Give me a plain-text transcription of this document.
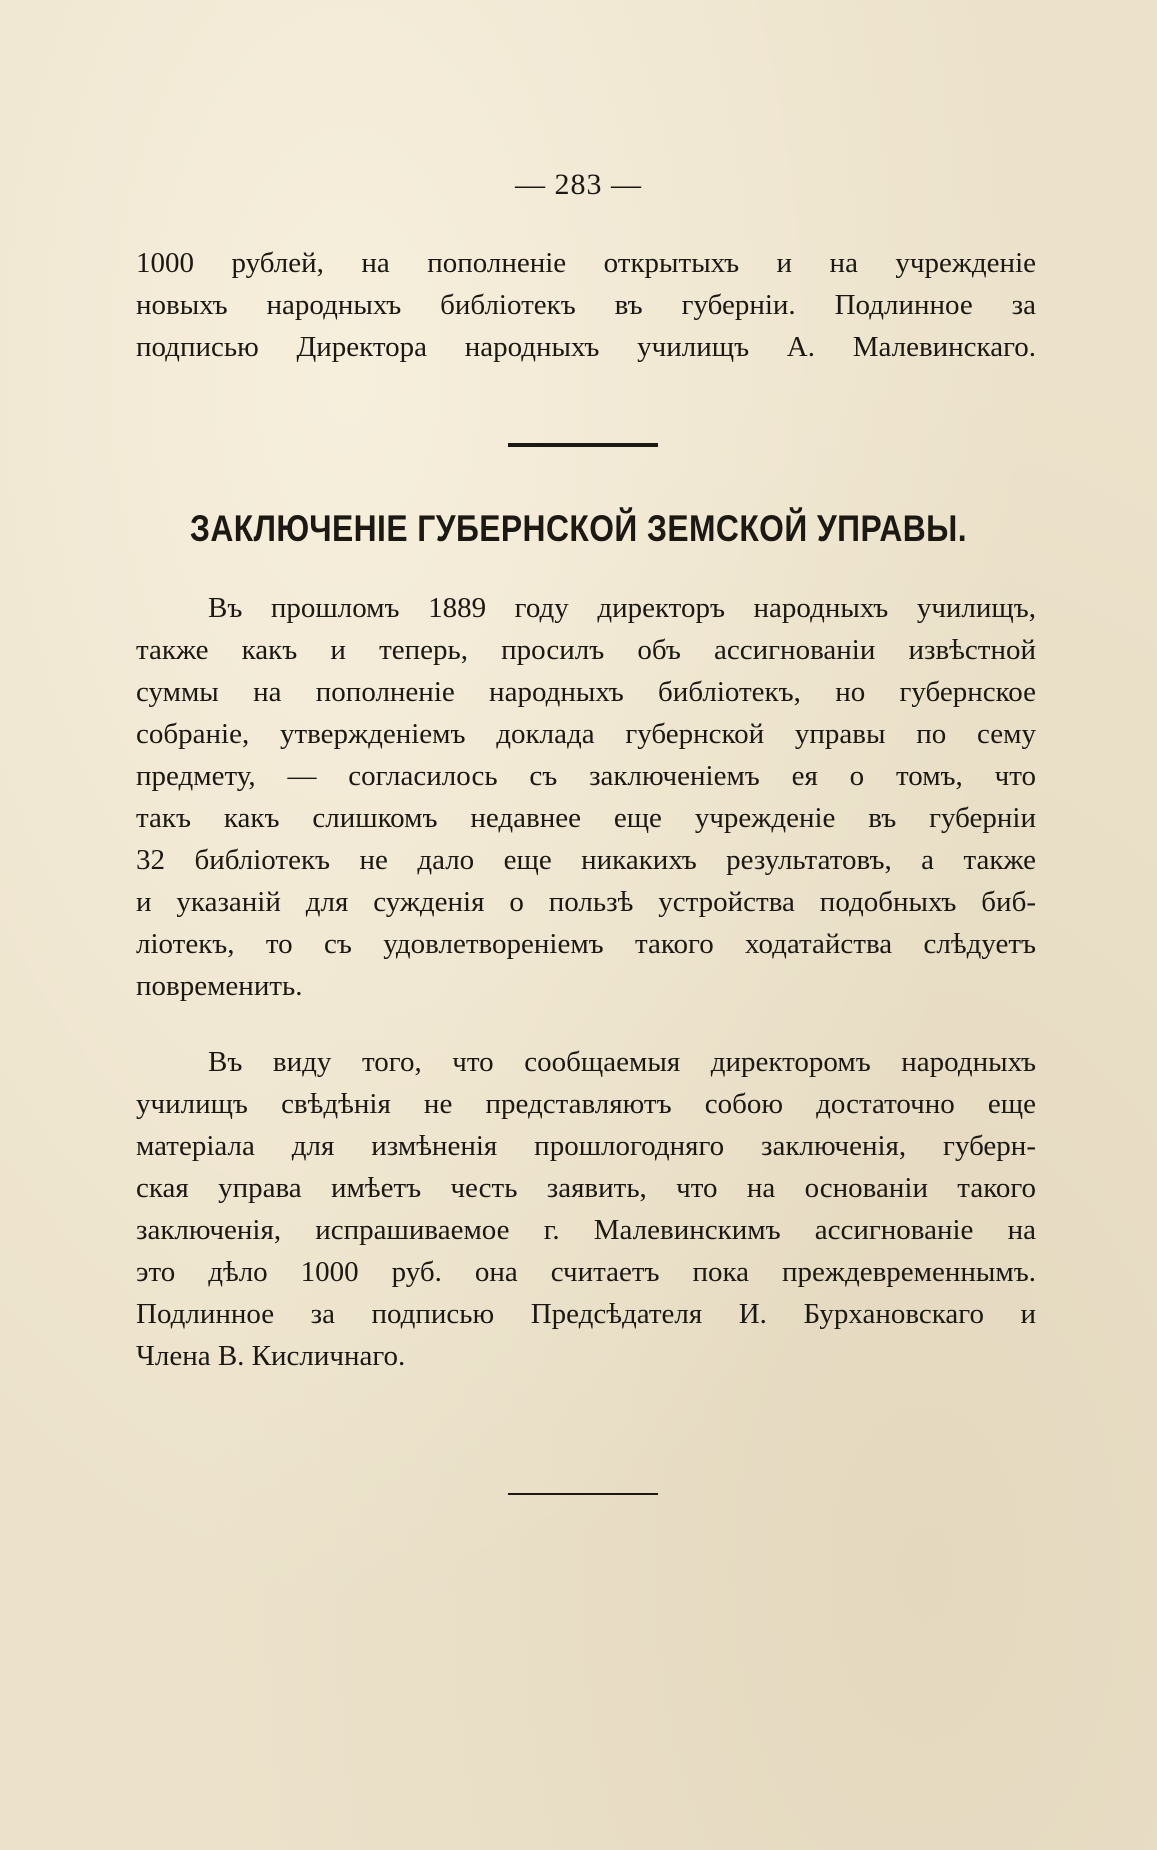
— 283 —
1000 рублей, на пополненіе открытыхъ и на учрежденіе
новыхъ народныхъ библіотекъ въ губерніи. Подлинное за
подписью Директора народныхъ училищъ А. Малевинскаго.
ЗАКЛЮЧЕНІЕ ГУБЕРНСКОЙ ЗЕМСКОЙ УПРАВЫ.
Въ прошломъ 1889 году директоръ народныхъ училищъ,
также какъ и теперь, просилъ объ ассигнованіи извѣстной
суммы на пополненіе народныхъ библіотекъ, но губернское
собраніе, утвержденіемъ доклада губернской управы по сему
предмету, — согласилось съ заключеніемъ ея о томъ, что
такъ какъ слишкомъ недавнее еще учрежденіе въ губерніи
32 библіотекъ не дало еще никакихъ результатовъ, а также
и указаній для сужденія о пользѣ устройства подобныхъ биб-
ліотекъ, то съ удовлетвореніемъ такого ходатайства слѣдуетъ
повременить.
Въ виду того, что сообщаемыя директоромъ народныхъ
училищъ свѣдѣнія не представляютъ собою достаточно еще
матеріала для измѣненія прошлогодняго заключенія, губерн-
ская управа имѣетъ честь заявить, что на основаніи такого
заключенія, испрашиваемое г. Малевинскимъ ассигнованіе на
это дѣло 1000 руб. она считаетъ пока преждевременнымъ.
Подлинное за подписью Предсѣдателя И. Бурхановскаго и
Члена В. Кисличнаго.
